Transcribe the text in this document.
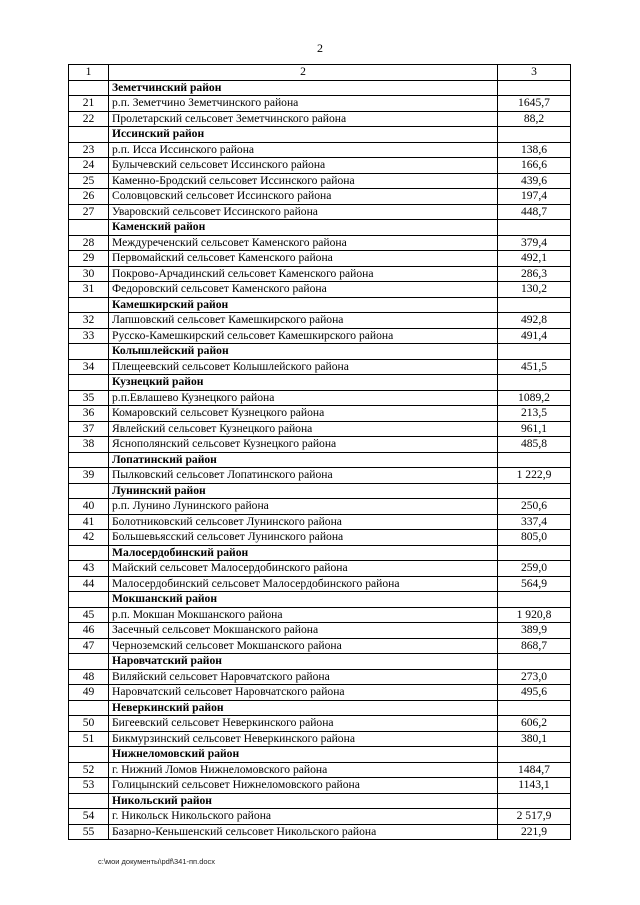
2
1	2	3
	Земетчинский район	
21	р.п. Земетчино Земетчинского района	1645,7
22	Пролетарский сельсовет Земетчинского района	88,2
	Иссинский район	
23	р.п. Исса Иссинского района	138,6
24	Булычевский сельсовет Иссинского района	166,6
25	Каменно-Бродский сельсовет Иссинского района	439,6
26	Соловцовский сельсовет Иссинского района	197,4
27	Уваровский сельсовет Иссинского района	448,7
	Каменский район	
28	Междуреченский сельсовет Каменского района	379,4
29	Первомайский сельсовет Каменского района	492,1
30	Покрово-Арчадинский сельсовет Каменского района	286,3
31	Федоровский сельсовет Каменского района	130,2
	Камешкирский район	
32	Лапшовский сельсовет Камешкирского района	492,8
33	Русско-Камешкирский сельсовет Камешкирского района	491,4
	Колышлейский район	
34	Плещеевский сельсовет Колышлейского района	451,5
	Кузнецкий район	
35	р.п.Евлашево Кузнецкого района	1089,2
36	Комаровский сельсовет Кузнецкого района	213,5
37	Явлейский сельсовет Кузнецкого района	961,1
38	Яснополянский сельсовет Кузнецкого района	485,8
	Лопатинский район	
39	Пылковский сельсовет Лопатинского района	1 222,9
	Лунинский район	
40	р.п. Лунино Лунинского района	250,6
41	Болотниковский сельсовет Лунинского района	337,4
42	Большевьясский сельсовет Лунинского района	805,0
	Малосердобинский район	
43	Майский сельсовет Малосердобинского района	259,0
44	Малосердобинский сельсовет Малосердобинского района	564,9
	Мокшанский район	
45	р.п. Мокшан Мокшанского района	1 920,8
46	Засечный сельсовет Мокшанского района	389,9
47	Черноземский сельсовет Мокшанского района	868,7
	Наровчатский район	
48	Виляйский сельсовет Наровчатского района	273,0
49	Наровчатский сельсовет Наровчатского района	495,6
	Неверкинский район	
50	Бигеевский сельсовет Неверкинского района	606,2
51	Бикмурзинский сельсовет Неверкинского района	380,1
	Нижнеломовский район	
52	г. Нижний Ломов Нижнеломовского района	1484,7
53	Голицынский сельсовет Нижнеломовского района	1143,1
	Никольский район	
54	г. Никольск Никольского района	2 517,9
55	Базарно-Кеньшенский сельсовет Никольского района	221,9
c:\мои документы\pdf\341-пп.docx
